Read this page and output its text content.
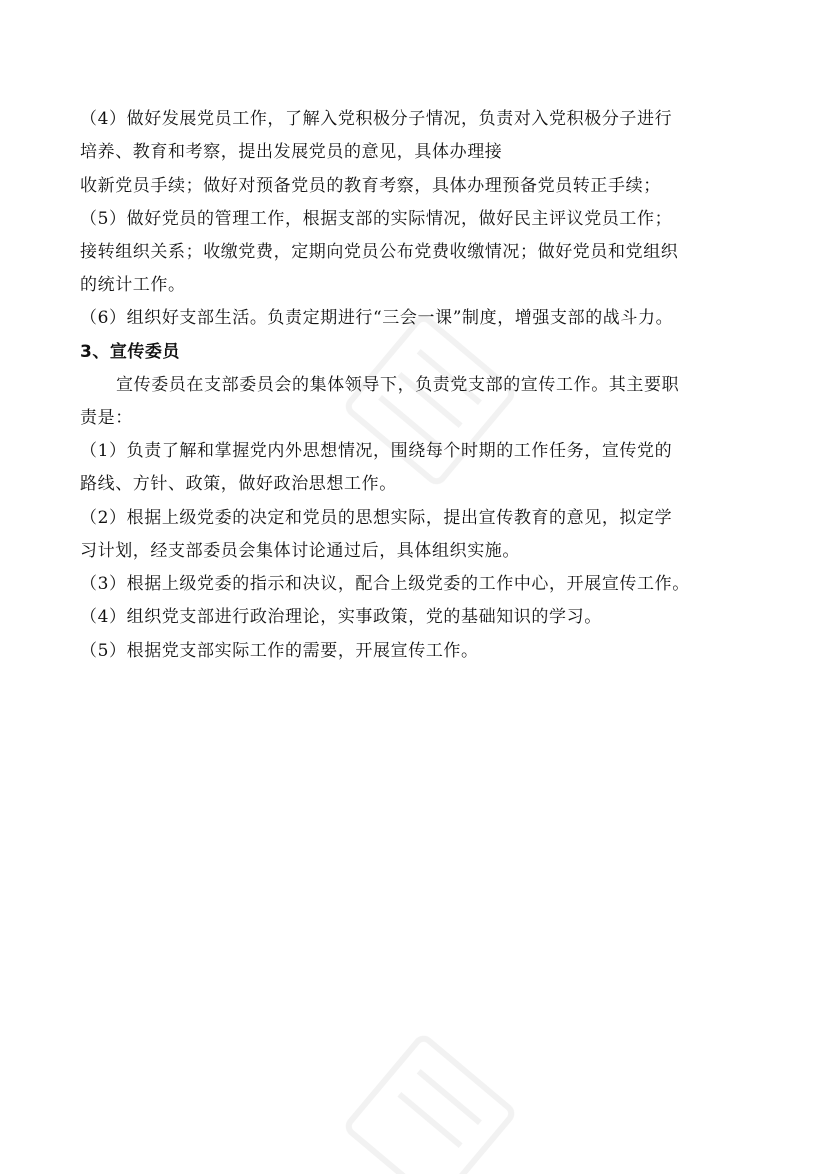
（4）做好发展党员工作，了解入党积极分子情况，负责对入党积极分子进行
培养、教育和考察，提出发展党员的意见，具体办理接
收新党员手续；做好对预备党员的教育考察，具体办理预备党员转正手续；
（5）做好党员的管理工作，根据支部的实际情况，做好民主评议党员工作；
接转组织关系；收缴党费，定期向党员公布党费收缴情况；做好党员和党组织
的统计工作。
（6）组织好支部生活。负责定期进行“三会一课”制度，增强支部的战斗力。
3、宣传委员
宣传委员在支部委员会的集体领导下，负责党支部的宣传工作。其主要职
责是：
（1）负责了解和掌握党内外思想情况，围绕每个时期的工作任务，宣传党的
路线、方针、政策，做好政治思想工作。
（2）根据上级党委的决定和党员的思想实际，提出宣传教育的意见，拟定学
习计划，经支部委员会集体讨论通过后，具体组织实施。
（3）根据上级党委的指示和决议，配合上级党委的工作中心，开展宣传工作。
（4）组织党支部进行政治理论，实事政策，党的基础知识的学习。
（5）根据党支部实际工作的需要，开展宣传工作。
